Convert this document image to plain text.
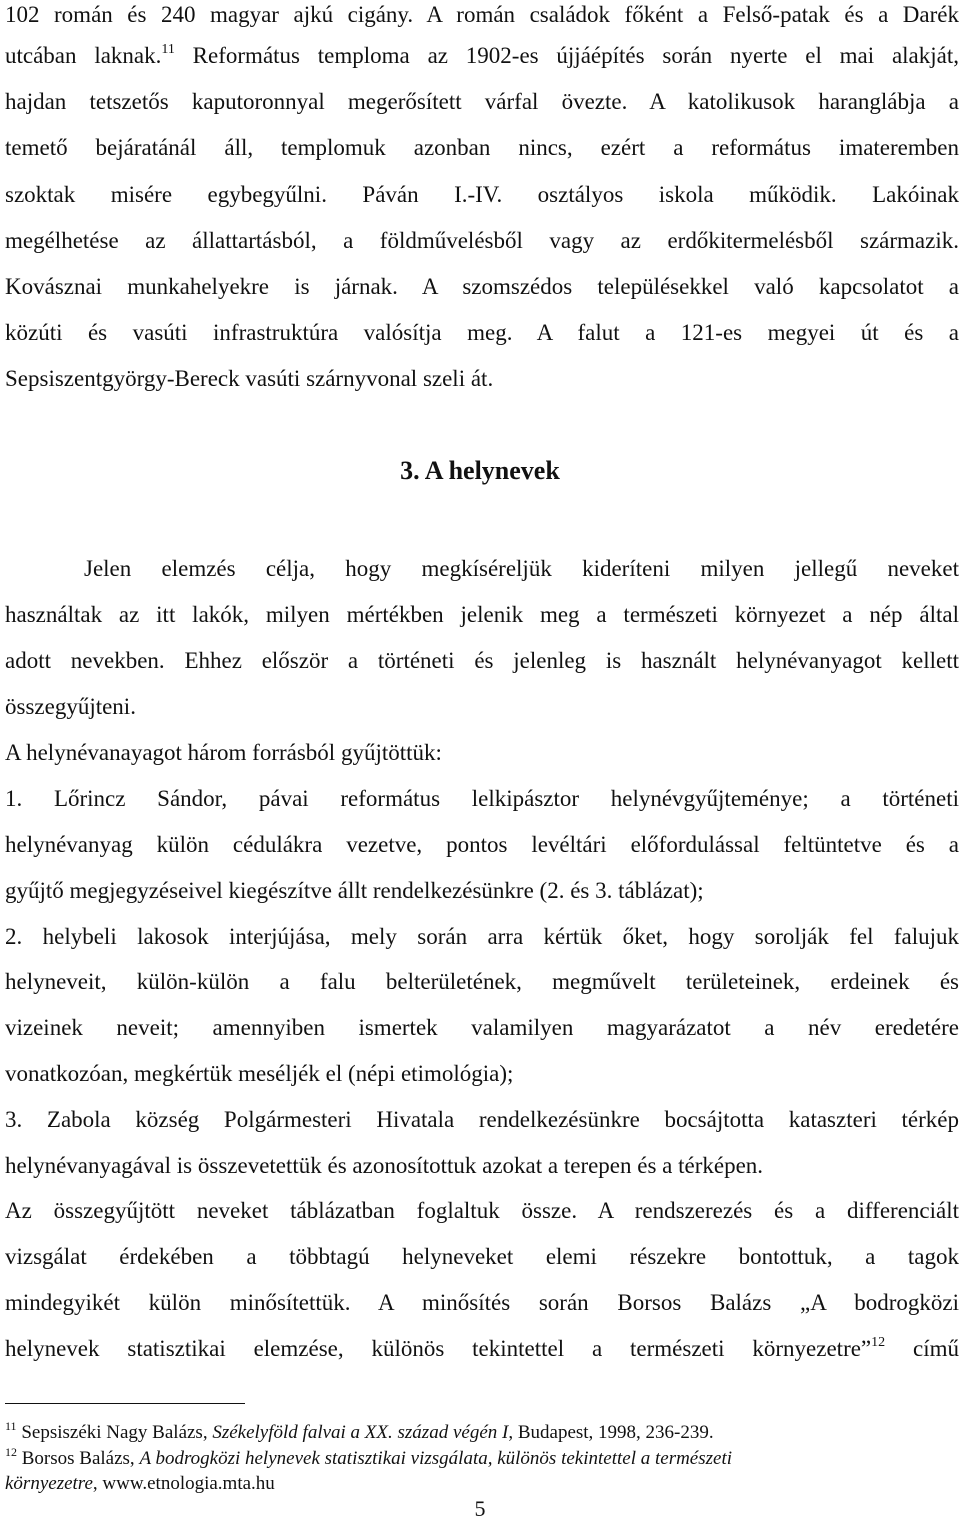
102 román és 240 magyar ajkú cigány. A román családok főként a Felső-patak és a Darék
utcában laknak.$^{11}$ Református temploma az 1902-es újjáépítés során nyerte el mai alakját,
hajdan tetszetős kaputoronnyal megerősített várfal övezte. A katolikusok haranglábja a
temető bejáratánál áll, templomuk azonban nincs, ezért a református imateremben
szoktak misére egybegyűlni. Páván I.-IV. osztályos iskola működik. Lakóinak
megélhetése az állattartásból, a földművelésből vagy az erdőkitermelésből származik.
Kovásznai munkahelyekre is járnak. A szomszédos településekkel való kapcsolatot a
közúti és vasúti infrastruktúra valósítja meg. A falut a 121-es megyei út és a
Sepsiszentgyörgy-Bereck vasúti szárnyvonal szeli át.
3. A helynevek
Jelen elemzés célja, hogy megkíséreljük kideríteni milyen jellegű neveket
használtak az itt lakók, milyen mértékben jelenik meg a természeti környezet a nép által
adott nevekben. Ehhez először a történeti és jelenleg is használt helynévanyagot kellett
összegyűjteni.
A helynévanayagot három forrásból gyűjtöttük:
1. Lőrincz Sándor, pávai református lelkipásztor helynévgyűjteménye; a történeti
helynévanyag külön cédulákra vezetve, pontos levéltári előfordulással feltüntetve és a
gyűjtő megjegyzéseivel kiegészítve állt rendelkezésünkre (2. és 3. táblázat);
2. helybeli lakosok interjújása, mely során arra kértük őket, hogy sorolják fel falujuk
helyneveit, külön-külön a falu belterületének, megművelt területeinek, erdeinek és
vizeinek neveit; amennyiben ismertek valamilyen magyarázatot a név eredetére
vonatkozóan, megkértük meséljék el (népi etimológia);
3. Zabola község Polgármesteri Hivatala rendelkezésünkre bocsájtotta kataszteri térkép
helynévanyagával is összevetettük és azonosítottuk azokat a terepen és a térképen.
Az összegyűjtött neveket táblázatban foglaltuk össze. A rendszerezés és a differenciált
vizsgálat érdekében a többtagú helyneveket elemi részekre bontottuk, a tagok
mindegyikét külön minősítettük. A minősítés során Borsos Balázs „A bodrogközi
helynevek statisztikai elemzése, különös tekintettel a természeti környezetre”$^{12}$ című
$^{11}$ Sepsiszéki Nagy Balázs, Székelyföld falvai a XX. század végén I, Budapest, 1998, 236-239.
$^{12}$ Borsos Balázs, A bodrogközi helynevek statisztikai vizsgálata, különös tekintettel a természeti
környezetre, www.etnologia.mta.hu
5
